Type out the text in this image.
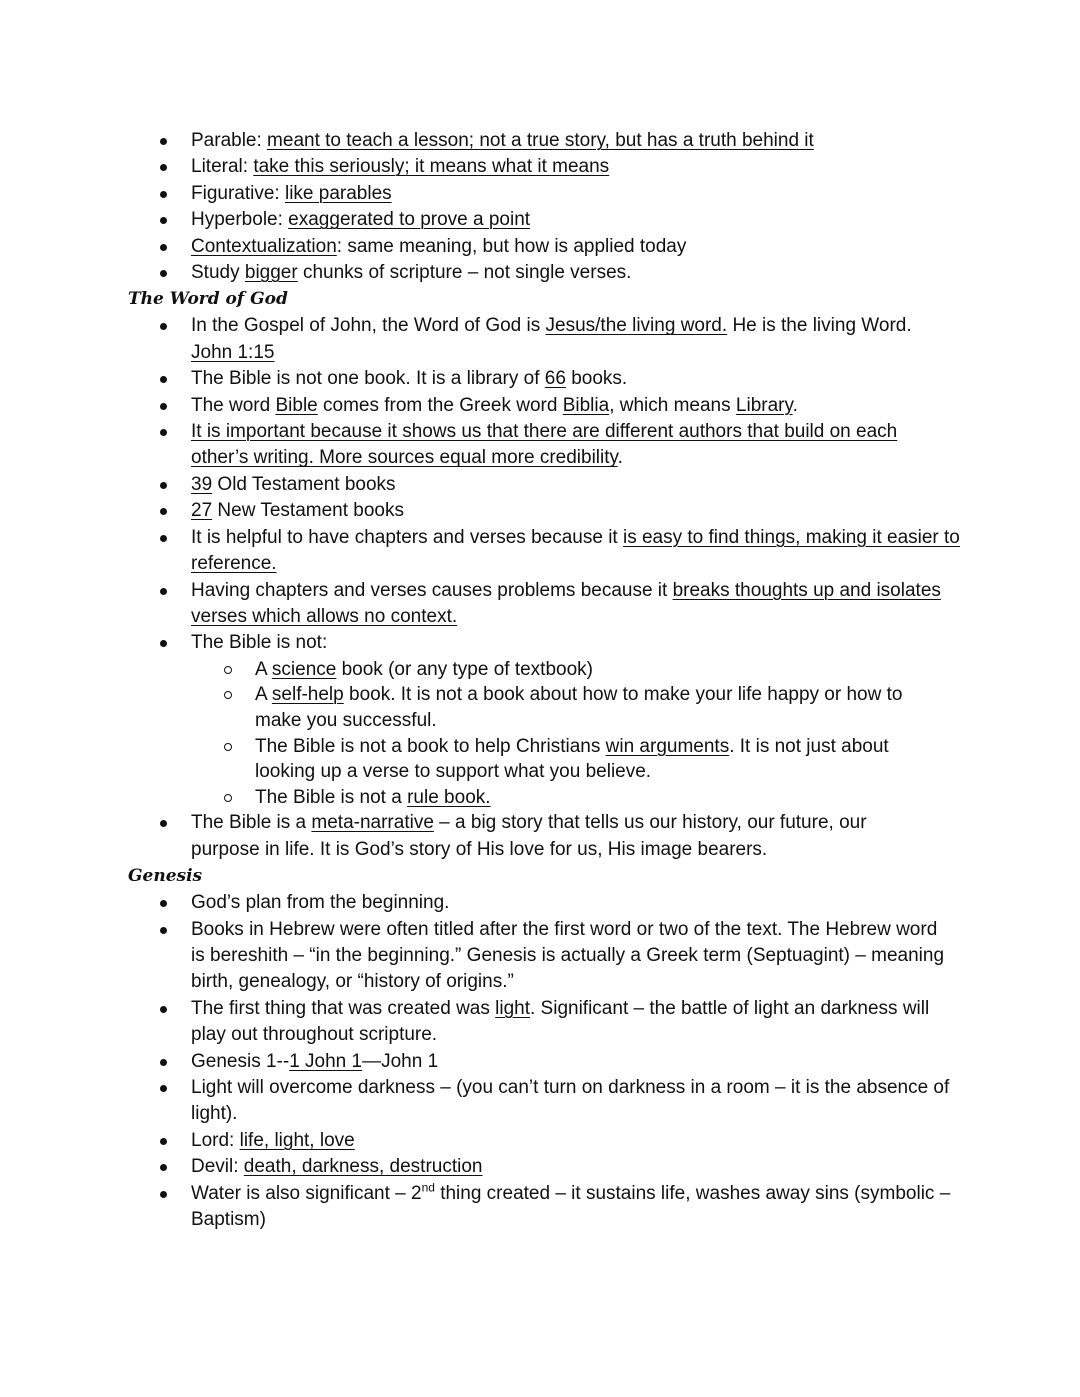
Parable: meant to teach a lesson; not a true story, but has a truth behind it
Literal: take this seriously; it means what it means
Figurative: like parables
Hyperbole: exaggerated to prove a point
Contextualization: same meaning, but how is applied today
Study bigger chunks of scripture – not single verses.
The Word of God
In the Gospel of John, the Word of God is Jesus/the living word. He is the living Word. John 1:15
The Bible is not one book. It is a library of 66 books.
The word Bible comes from the Greek word Biblia, which means Library.
It is important because it shows us that there are different authors that build on each other’s writing. More sources equal more credibility.
39 Old Testament books
27 New Testament books
It is helpful to have chapters and verses because it is easy to find things, making it easier to reference.
Having chapters and verses causes problems because it breaks thoughts up and isolates verses which allows no context.
The Bible is not:
A science book (or any type of textbook)
A self-help book. It is not a book about how to make your life happy or how to make you successful.
The Bible is not a book to help Christians win arguments. It is not just about looking up a verse to support what you believe.
The Bible is not a rule book.
The Bible is a meta-narrative – a big story that tells us our history, our future, our purpose in life. It is God’s story of His love for us, His image bearers.
Genesis
God’s plan from the beginning.
Books in Hebrew were often titled after the first word or two of the text. The Hebrew word is bereshith – “in the beginning.” Genesis is actually a Greek term (Septuagint) – meaning birth, genealogy, or “history of origins.”
The first thing that was created was light. Significant – the battle of light an darkness will play out throughout scripture.
Genesis 1--1 John 1—John 1
Light will overcome darkness – (you can’t turn on darkness in a room – it is the absence of light).
Lord: life, light, love
Devil: death, darkness, destruction
Water is also significant – 2nd thing created – it sustains life, washes away sins (symbolic – Baptism)
